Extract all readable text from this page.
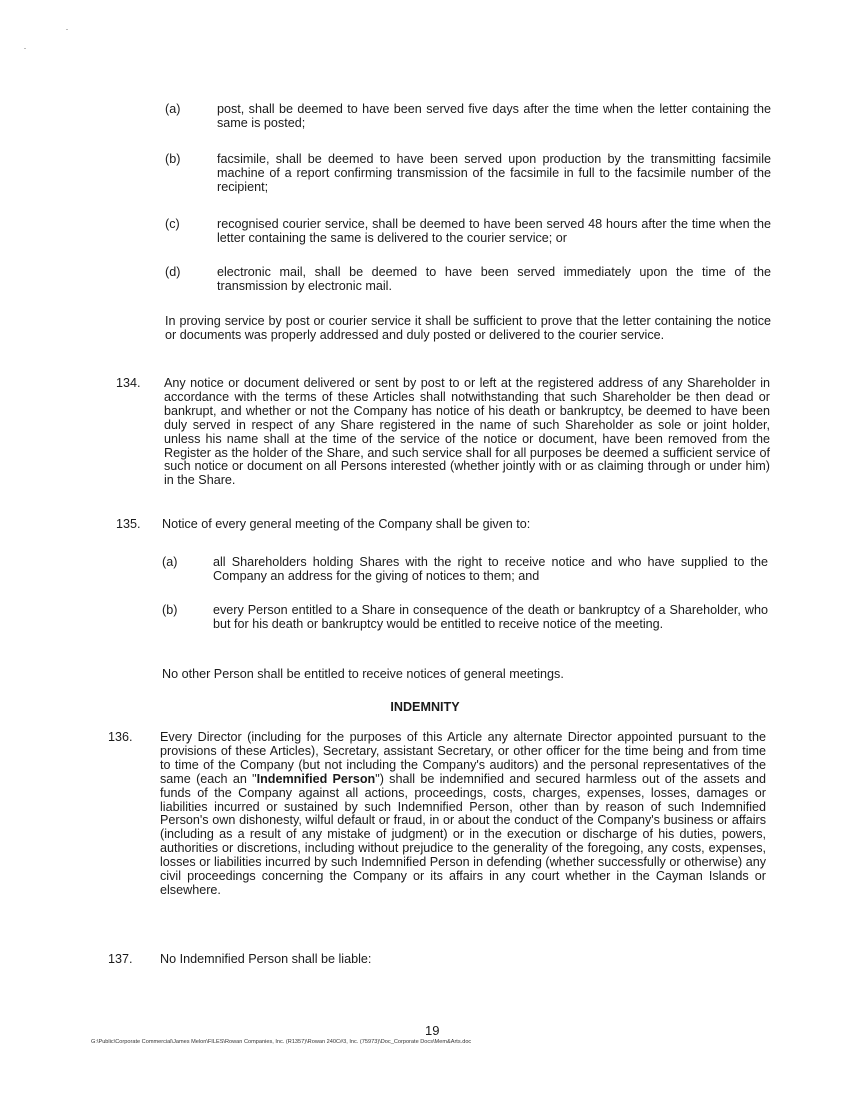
(a)	post, shall be deemed to have been served five days after the time when the letter containing the same is posted;
(b)	facsimile, shall be deemed to have been served upon production by the transmitting facsimile machine of a report confirming transmission of the facsimile in full to the facsimile number of the recipient;
(c)	recognised courier service, shall be deemed to have been served 48 hours after the time when the letter containing the same is delivered to the courier service; or
(d)	electronic mail, shall be deemed to have been served immediately upon the time of the transmission by electronic mail.
In proving service by post or courier service it shall be sufficient to prove that the letter containing the notice or documents was properly addressed and duly posted or delivered to the courier service.
134. Any notice or document delivered or sent by post to or left at the registered address of any Shareholder in accordance with the terms of these Articles shall notwithstanding that such Shareholder be then dead or bankrupt, and whether or not the Company has notice of his death or bankruptcy, be deemed to have been duly served in respect of any Share registered in the name of such Shareholder as sole or joint holder, unless his name shall at the time of the service of the notice or document, have been removed from the Register as the holder of the Share, and such service shall for all purposes be deemed a sufficient service of such notice or document on all Persons interested (whether jointly with or as claiming through or under him) in the Share.
135. Notice of every general meeting of the Company shall be given to:
(a)	all Shareholders holding Shares with the right to receive notice and who have supplied to the Company an address for the giving of notices to them; and
(b)	every Person entitled to a Share in consequence of the death or bankruptcy of a Shareholder, who but for his death or bankruptcy would be entitled to receive notice of the meeting.
No other Person shall be entitled to receive notices of general meetings.
INDEMNITY
136. Every Director (including for the purposes of this Article any alternate Director appointed pursuant to the provisions of these Articles), Secretary, assistant Secretary, or other officer for the time being and from time to time of the Company (but not including the Company's auditors) and the personal representatives of the same (each an "Indemnified Person") shall be indemnified and secured harmless out of the assets and funds of the Company against all actions, proceedings, costs, charges, expenses, losses, damages or liabilities incurred or sustained by such Indemnified Person, other than by reason of such Indemnified Person's own dishonesty, wilful default or fraud, in or about the conduct of the Company's business or affairs (including as a result of any mistake of judgment) or in the execution or discharge of his duties, powers, authorities or discretions, including without prejudice to the generality of the foregoing, any costs, expenses, losses or liabilities incurred by such Indemnified Person in defending (whether successfully or otherwise) any civil proceedings concerning the Company or its affairs in any court whether in the Cayman Islands or elsewhere.
137. No Indemnified Person shall be liable:
19
G:\Public\Corporate Commercial\James Melon\FILES\Rowan Companies, Inc. (R1357)\Rowan 240C#3, Inc. (75973)\Doc_Corporate Docs\Mem&Arts.doc
